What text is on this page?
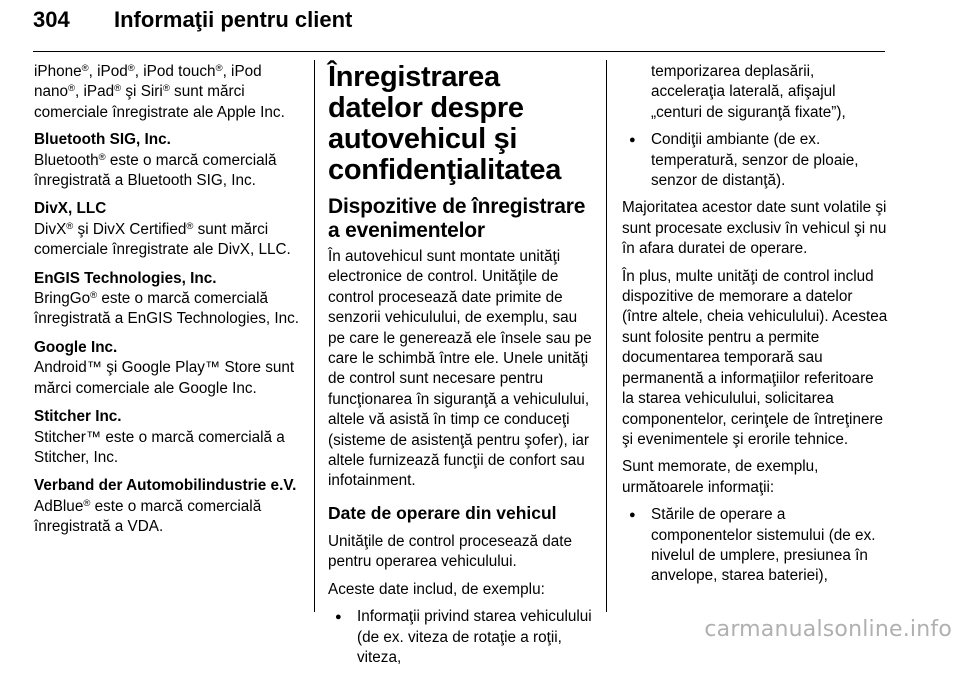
304 Informaţii pentru client
iPhone®, iPod®, iPod touch®, iPod nano®, iPad® şi Siri® sunt mărci comerciale înregistrate ale Apple Inc.
Bluetooth SIG, Inc.
Bluetooth® este o marcă comercială înregistrată a Bluetooth SIG, Inc.
DivX, LLC
DivX® şi DivX Certified® sunt mărci comerciale înregistrate ale DivX, LLC.
EnGIS Technologies, Inc.
BringGo® este o marcă comercială înregistrată a EnGIS Technologies, Inc.
Google Inc.
Android™ şi Google Play™ Store sunt mărci comerciale ale Google Inc.
Stitcher Inc.
Stitcher™ este o marcă comercială a Stitcher, Inc.
Verband der Automobilindustrie e.V.
AdBlue® este o marcă comercială înregistrată a VDA.
Înregistrarea datelor despre autovehicul şi confidenţialitatea
Dispozitive de înregistrare a evenimentelor
În autovehicul sunt montate unităţi electronice de control. Unităţile de control procesează date primite de senzorii vehiculului, de exemplu, sau pe care le generează ele însele sau pe care le schimbă între ele. Unele unităţi de control sunt necesare pentru funcţionarea în siguranţă a vehiculului, altele vă asistă în timp ce conduceţi (sisteme de asistenţă pentru şofer), iar altele furnizează funcţii de confort sau infotainment.
Date de operare din vehicul
Unităţile de control procesează date pentru operarea vehiculului.
Aceste date includ, de exemplu:
● Informaţii privind starea vehiculului (de ex. viteza de rotaţie a roţii, viteza,
temporizarea deplasării, acceleraţia laterală, afişajul „centuri de siguranţă fixate”),
● Condiţii ambiante (de ex. temperatură, senzor de ploaie, senzor de distanţă).
Majoritatea acestor date sunt volatile şi sunt procesate exclusiv în vehicul şi nu în afara duratei de operare.
În plus, multe unităţi de control includ dispozitive de memorare a datelor (între altele, cheia vehiculului). Acestea sunt folosite pentru a permite documentarea temporară sau permanentă a informaţiilor referitoare la starea vehiculului, solicitarea componentelor, cerinţele de întreţinere şi evenimentele şi erorile tehnice.
Sunt memorate, de exemplu, următoarele informaţii:
● Stările de operare a componentelor sistemului (de ex. nivelul de umplere, presiunea în anvelope, starea bateriei),
carmanualsonline.info
